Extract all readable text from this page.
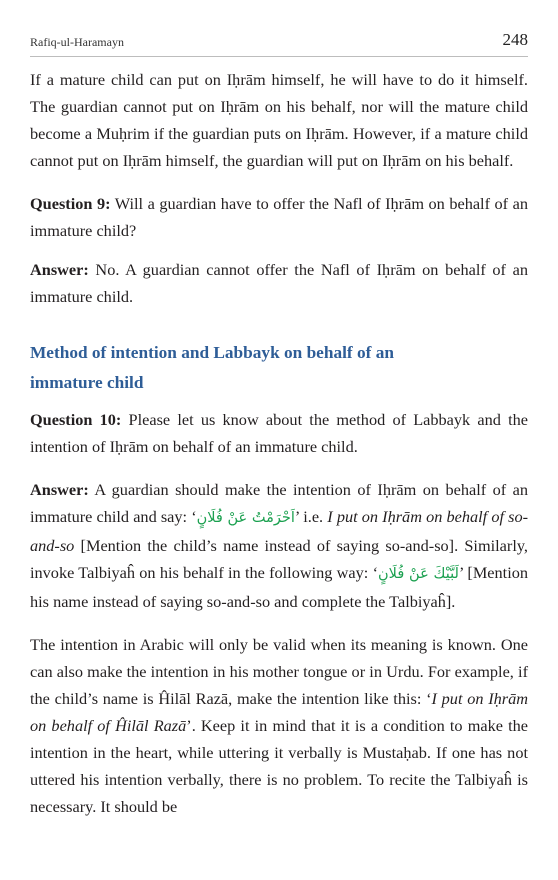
Rafiq-ul-Haramayn	248

If a mature child can put on Iḥrām himself, he will have to do it himself. The guardian cannot put on Iḥrām on his behalf, nor will the mature child become a Muḥrim if the guardian puts on Iḥrām. However, if a mature child cannot put on Iḥrām himself, the guardian will put on Iḥrām on his behalf.

Question 9: Will a guardian have to offer the Nafl of Iḥrām on behalf of an immature child?

Answer: No. A guardian cannot offer the Nafl of Iḥrām on behalf of an immature child.

Method of intention and Labbayk on behalf of an immature child

Question 10: Please let us know about the method of Labbayk and the intention of Iḥrām on behalf of an immature child.

Answer: A guardian should make the intention of Iḥrām on behalf of an immature child and say: ‘اَحْرَمْتُ عَنْ فُلَانٍ’ i.e. I put on Iḥrām on behalf of so-and-so [Mention the child’s name instead of saying so-and-so]. Similarly, invoke Talbiyaĥ on his behalf in the following way: ‘لَبَّيْكَ عَنْ فُلَانٍ’ [Mention his name instead of saying so-and-so and complete the Talbiyaĥ].

The intention in Arabic will only be valid when its meaning is known. One can also make the intention in his mother tongue or in Urdu. For example, if the child’s name is Ĥilāl Razā, make the intention like this: ‘I put on Iḥrām on behalf of Ĥilāl Razā’. Keep it in mind that it is a condition to make the intention in the heart, while uttering it verbally is Mustaḥab. If one has not uttered his intention verbally, there is no problem. To recite the Talbiyaĥ is necessary. It should be
